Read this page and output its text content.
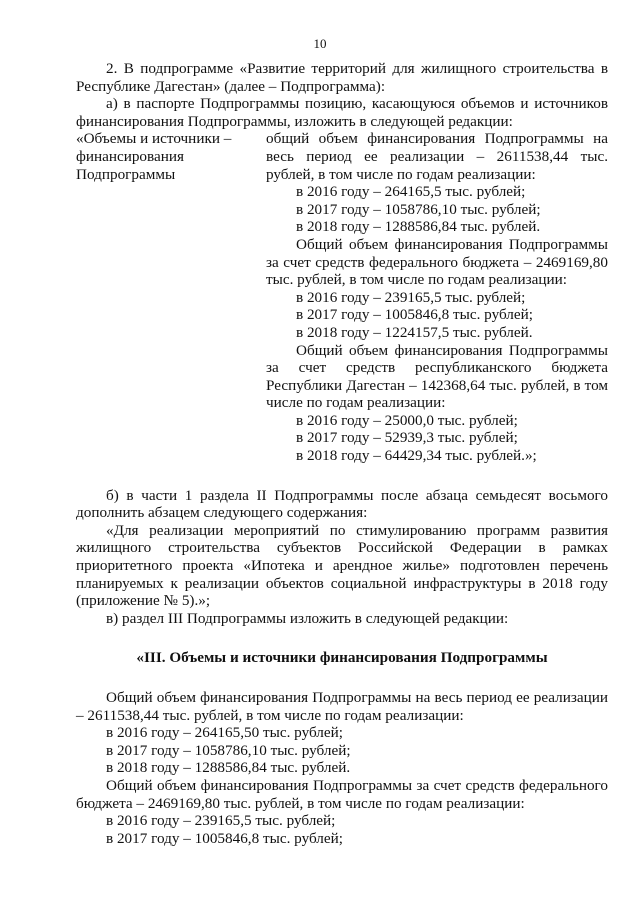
10

2. В подпрограмме «Развитие территорий для жилищного строительства в Республике Дагестан» (далее – Подпрограмма):

а) в паспорте Подпрограммы позицию, касающуюся объемов и источников финансирования Подпрограммы, изложить в следующей редакции:

«Объемы и источники – финансирования Подпрограммы

общий объем финансирования Подпрограммы на весь период ее реализации – 2611538,44 тыс. рублей, в том числе по годам реализации:

в 2016 году – 264165,5 тыс. рублей;

в 2017 году – 1058786,10 тыс. рублей;

в 2018 году – 1288586,84 тыс. рублей.

Общий объем финансирования Подпрограммы за счет средств федерального бюджета – 2469169,80 тыс. рублей, в том числе по годам реализации:

в 2016 году – 239165,5 тыс. рублей;

в 2017 году – 1005846,8 тыс. рублей;

в 2018 году – 1224157,5 тыс. рублей.

Общий объем финансирования Подпрограммы за счет средств республиканского бюджета Республики Дагестан – 142368,64 тыс. рублей, в том числе по годам реализации:

в 2016 году – 25000,0 тыс. рублей;

в 2017 году – 52939,3 тыс. рублей;

в 2018 году – 64429,34 тыс. рублей.»;

б) в части 1 раздела II Подпрограммы после абзаца семьдесят восьмого дополнить абзацем следующего содержания:

«Для реализации мероприятий по стимулированию программ развития жилищного строительства субъектов Российской Федерации в рамках приоритетного проекта «Ипотека и арендное жилье» подготовлен перечень планируемых к реализации объектов социальной инфраструктуры в 2018 году (приложение № 5).»;

в) раздел III Подпрограммы изложить в следующей редакции:

«III. Объемы и источники финансирования Подпрограммы

Общий объем финансирования Подпрограммы на весь период ее реализации – 2611538,44 тыс. рублей, в том числе по годам реализации:

в 2016 году – 264165,50 тыс. рублей;

в 2017 году – 1058786,10 тыс. рублей;

в 2018 году – 1288586,84 тыс. рублей.

Общий объем финансирования Подпрограммы за счет средств федерального бюджета – 2469169,80 тыс. рублей, в том числе по годам реализации:

в 2016 году – 239165,5 тыс. рублей;

в 2017 году – 1005846,8 тыс. рублей;
